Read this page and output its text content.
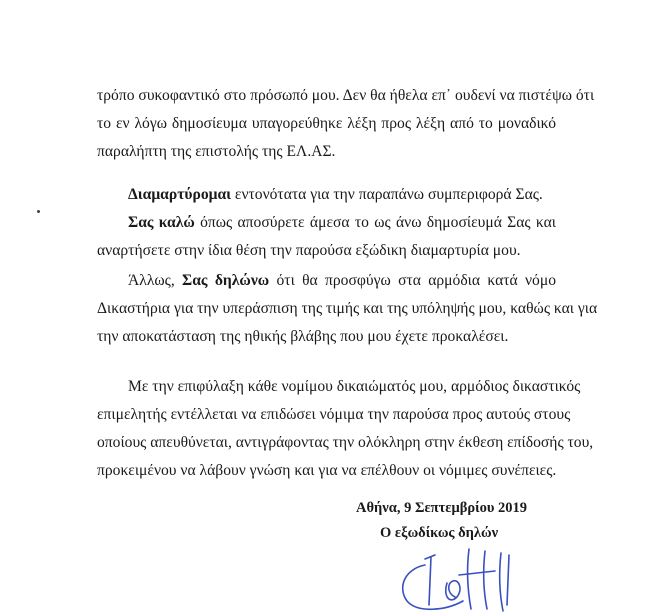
τρόπο συκοφαντικό στο πρόσωπό μου. Δεν θα ήθελα επ᾽ ουδενί να πιστέψω ότι
το εν λόγω δημοσίευμα υπαγορεύθηκε λέξη προς λέξη από το μοναδικό
παραλήπτη της επιστολής της ΕΛ.ΑΣ.
Διαμαρτύρομαι εντονότατα για την παραπάνω συμπεριφορά Σας.
Σας καλώ όπως αποσύρετε άμεσα το ως άνω δημοσίευμά Σας και
αναρτήσετε στην ίδια θέση την παρούσα εξώδικη διαμαρτυρία μου.
Άλλως, Σας δηλώνω ότι θα προσφύγω στα αρμόδια κατά νόμο
Δικαστήρια για την υπεράσπιση της τιμής και της υπόληψής μου, καθώς και για
την αποκατάσταση της ηθικής βλάβης που μου έχετε προκαλέσει.
Με την επιφύλαξη κάθε νομίμου δικαιώματός μου, αρμόδιος δικαστικός
επιμελητής εντέλλεται να επιδώσει νόμιμα την παρούσα προς αυτούς στους
οποίους απευθύνεται, αντιγράφοντας την ολόκληρη στην έκθεση επίδοσής του,
προκειμένου να λάβουν γνώση και για να επέλθουν οι νόμιμες συνέπειες.
Αθήνα, 9 Σεπτεμβρίου 2019
Ο εξωδίκως δηλών
